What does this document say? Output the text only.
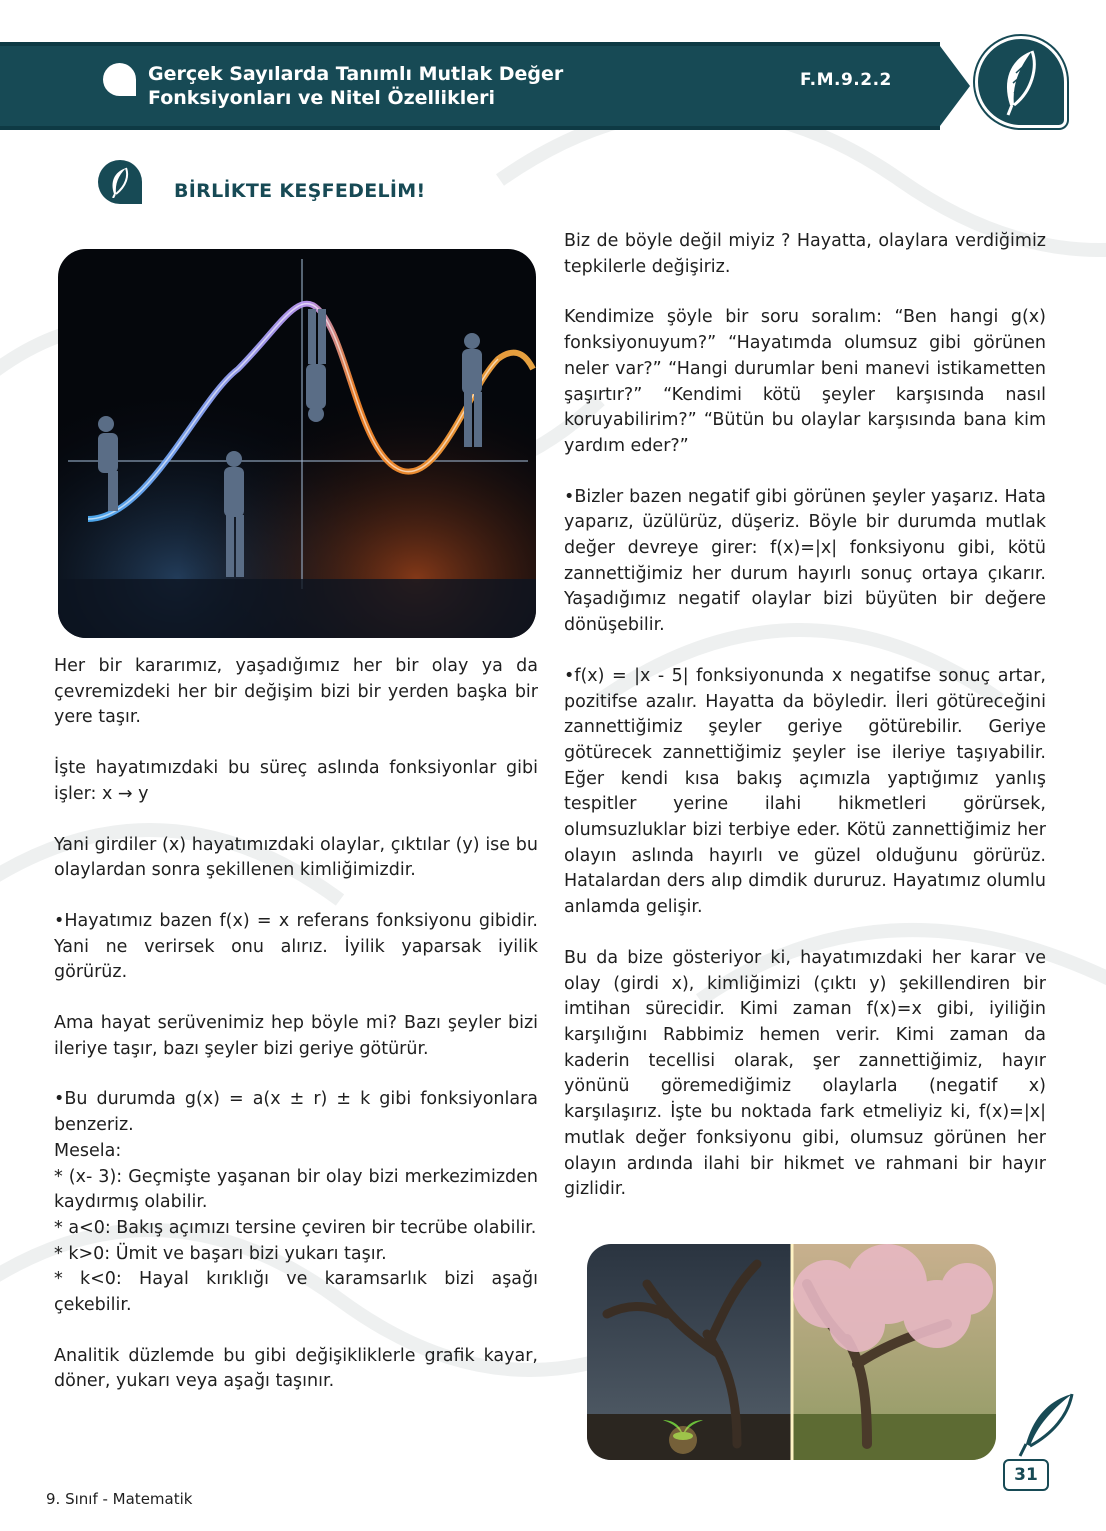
Gerçek Sayılarda Tanımlı Mutlak Değer
Fonksiyonları ve Nitel Özellikleri
F.M.9.2.2
BİRLİKTE KEŞFEDELİM!

Her bir kararımız, yaşadığımız her bir olay ya da çevremizdeki her bir değişim bizi bir yerden başka bir yere taşır.

İşte hayatımızdaki bu süreç aslında fonksiyonlar gibi işler: x → y

Yani girdiler (x) hayatımızdaki olaylar, çıktılar (y) ise bu olaylardan sonra şekillenen kimliğimizdir.

•Hayatımız bazen f(x) = x referans fonksiyonu gibidir. Yani ne verirsek onu alırız. İyilik yaparsak iyilik görürüz.

Ama hayat serüvenimiz hep böyle mi? Bazı şeyler bizi ileriye taşır, bazı şeyler bizi geriye götürür.

•Bu durumda g(x) = a(x ± r) ± k gibi fonksiyonlara benzeriz.

Mesela:

* (x- 3): Geçmişte yaşanan bir olay bizi merkezimizden kaydırmış olabilir.

* a<0: Bakış açımızı tersine çeviren bir tecrübe olabilir.

* k>0: Ümit ve başarı bizi yukarı taşır.

* k<0: Hayal kırıklığı ve karamsarlık bizi aşağı çekebilir.

Analitik düzlemde bu gibi değişikliklerle grafik kayar, döner, yukarı veya aşağı taşınır.

Biz de böyle değil miyiz ? Hayatta, olaylara verdiğimiz tepkilerle değişiriz.

Kendimize şöyle bir soru soralım: “Ben hangi g(x) fonksiyonuyum?” “Hayatımda olumsuz gibi görünen neler var?” “Hangi durumlar beni manevi istikametten şaşırtır?” “Kendimi kötü şeyler karşısında nasıl koruyabilirim?” “Bütün bu olaylar karşısında bana kim yardım eder?”

•Bizler bazen negatif gibi görünen şeyler yaşarız. Hata yaparız, üzülürüz, düşeriz. Böyle bir durumda mutlak değer devreye girer: f(x)=|x| fonksiyonu gibi, kötü zannettiğimiz her durum hayırlı sonuç ortaya çıkarır. Yaşadığımız negatif olaylar bizi büyüten bir değere dönüşebilir.

•f(x) = |x - 5| fonksiyonunda x negatifse sonuç artar, pozitifse azalır. Hayatta da böyledir. İleri götüreceğini zannettiğimiz şeyler geriye götürebilir. Geriye götürecek zannettiğimiz şeyler ise ileriye taşıyabilir. Eğer kendi kısa bakış açımızla yaptığımız yanlış tespitler yerine ilahi hikmetleri görürsek, olumsuzluklar bizi terbiye eder. Kötü zannettiğimiz her olayın aslında hayırlı ve güzel olduğunu görürüz. Hatalardan ders alıp dimdik dururuz. Hayatımız olumlu anlamda gelişir.

Bu da bize gösteriyor ki, hayatımızdaki her karar ve olay (girdi x), kimliğimizi (çıktı y) şekillendiren bir imtihan sürecidir. Kimi zaman f(x)=x gibi, iyiliğin karşılığını Rabbimiz hemen verir. Kimi zaman da kaderin tecellisi olarak, şer zannettiğimiz, hayır yönünü göremediğimiz olaylarla (negatif x) karşılaşırız. İşte bu noktada fark etmeliyiz ki, f(x)=|x| mutlak değer fonksiyonu gibi, olumsuz görünen her olayın ardında ilahi bir hikmet ve rahmani bir hayır gizlidir.

9. Sınıf - Matematik
31
